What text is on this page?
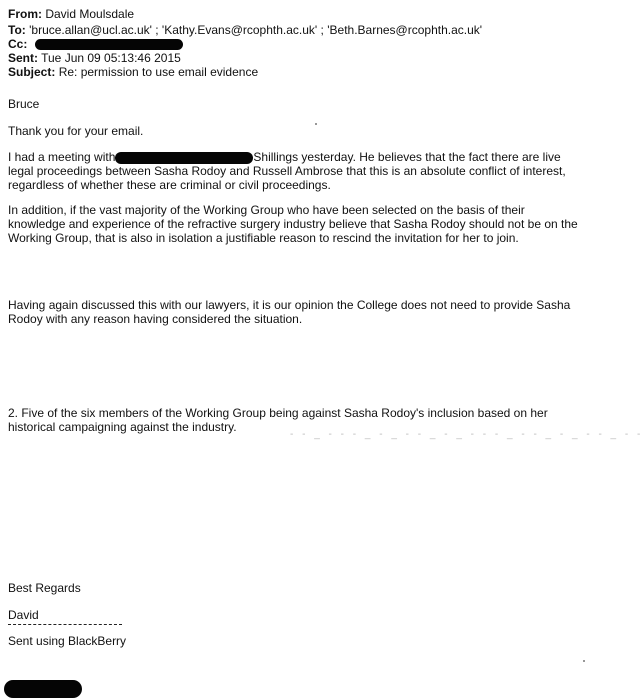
From: David Moulsdale
To: 'bruce.allan@ucl.ac.uk' ; 'Kathy.Evans@rcophth.ac.uk' ; 'Beth.Barnes@rcophth.ac.uk'
Cc:
Sent: Tue Jun 09 05:13:46 2015
Subject: Re: permission to use email evidence
Bruce
Thank you for your email.
I had a meeting with	Shillings yesterday. He believes that the fact there are live legal proceedings between Sasha Rodoy and Russell Ambrose that this is an absolute conflict of interest, regardless of whether these are criminal or civil proceedings.
In addition, if the vast majority of the Working Group who have been selected on the basis of their knowledge and experience of the refractive surgery industry believe that Sasha Rodoy should not be on the Working Group, that is also in isolation a justifiable reason to rescind the invitation for her to join.
Having again discussed this with our lawyers, it is our opinion the College does not need to provide Sasha Rodoy with any reason having considered the situation.
2. Five of the six members of the Working Group being against Sasha Rodoy's inclusion based on her historical campaigning against the industry.
- - _ - - - _ - _ - - _ - _ - - - _ - - _ - _ - - _ - -
Best Regards
David
Sent using BlackBerry
